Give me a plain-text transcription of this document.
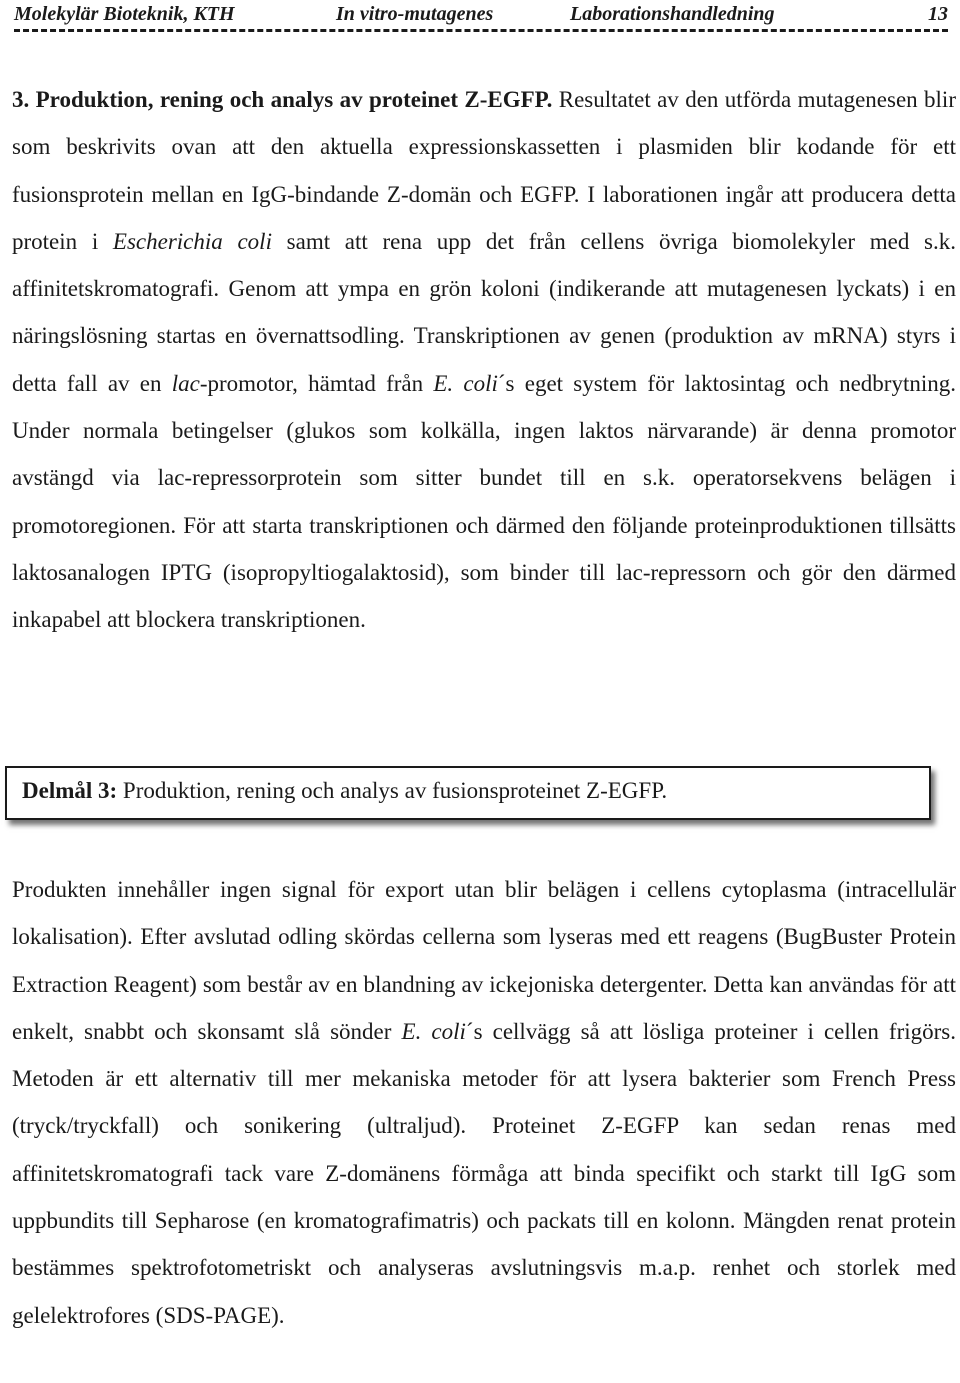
Molekylär Bioteknik, KTH	In vitro-mutagenes	Laborationshandledning	13
3. Produktion, rening och analys av proteinet Z-EGFP. Resultatet av den utförda mutagenesen blir som beskrivits ovan att den aktuella expressionskassetten i plasmiden blir kodande för ett fusionsprotein mellan en IgG-bindande Z-domän och EGFP. I laborationen ingår att producera detta protein i Escherichia coli samt att rena upp det från cellens övriga biomolekyler med s.k. affinitetskromatografi. Genom att ympa en grön koloni (indikerande att mutagenesen lyckats) i en näringslösning startas en övernattsodling. Transkriptionen av genen (produktion av mRNA) styrs i detta fall av en lac-promotor, hämtad från E. coli´s eget system för laktosintag och nedbrytning. Under normala betingelser (glukos som kolkälla, ingen laktos närvarande) är denna promotor avstängd via lac-repressorprotein som sitter bundet till en s.k. operatorsekvens belägen i promotoregionen. För att starta transkriptionen och därmed den följande proteinproduktionen tillsätts laktosanalogen IPTG (isopropyltiogalaktosid), som binder till lac-repressorn och gör den därmed inkapabel att blockera transkriptionen.
Delmål 3: Produktion, rening och analys av fusionsproteinet Z-EGFP.
Produkten innehåller ingen signal för export utan blir belägen i cellens cytoplasma (intracellulär lokalisation). Efter avslutad odling skördas cellerna som lyseras med ett reagens (BugBuster Protein Extraction Reagent) som består av en blandning av ickejoniska detergenter. Detta kan användas för att enkelt, snabbt och skonsamt slå sönder E. coli´s cellvägg så att lösliga proteiner i cellen frigörs. Metoden är ett alternativ till mer mekaniska metoder för att lysera bakterier som French Press (tryck/tryckfall) och sonikering (ultraljud). Proteinet Z-EGFP kan sedan renas med affinitetskromatografi tack vare Z-domänens förmåga att binda specifikt och starkt till IgG som uppbundits till Sepharose (en kromatografimatris) och packats till en kolonn. Mängden renat protein bestämmes spektrofotometriskt och analyseras avslutningsvis m.a.p. renhet och storlek med gelelektrofores (SDS-PAGE).
